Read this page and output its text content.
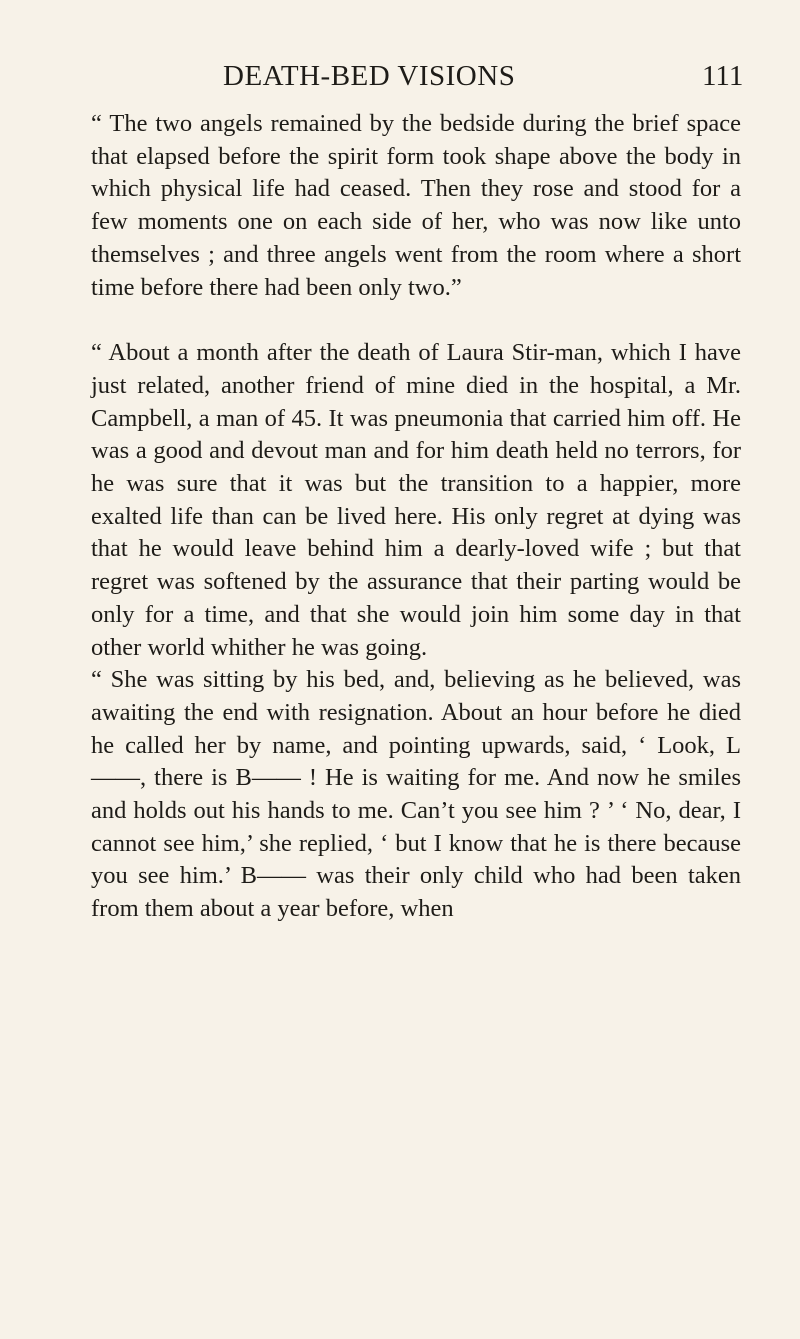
DEATH-BED VISIONS	111

“ The two angels remained by the bedside during the brief space that elapsed before the spirit form took shape above the body in which physical life had ceased. Then they rose and stood for a few moments one on each side of her, who was now like unto themselves ; and three angels went from the room where a short time before there had been only two.”

“ About a month after the death of Laura Stir-man, which I have just related, another friend of mine died in the hospital, a Mr. Campbell, a man of 45. It was pneumonia that carried him off. He was a good and devout man and for him death held no terrors, for he was sure that it was but the transition to a happier, more exalted life than can be lived here. His only regret at dying was that he would leave behind him a dearly-loved wife ; but that regret was softened by the assurance that their parting would be only for a time, and that she would join him some day in that other world whither he was going.

“ She was sitting by his bed, and, believing as he believed, was awaiting the end with resignation. About an hour before he died he called her by name, and pointing upwards, said, ‘ Look, L——, there is B—— ! He is waiting for me. And now he smiles and holds out his hands to me. Can’t you see him ? ’ ‘ No, dear, I cannot see him,’ she replied, ‘ but I know that he is there because you see him.’ B—— was their only child who had been taken from them about a year before, when
